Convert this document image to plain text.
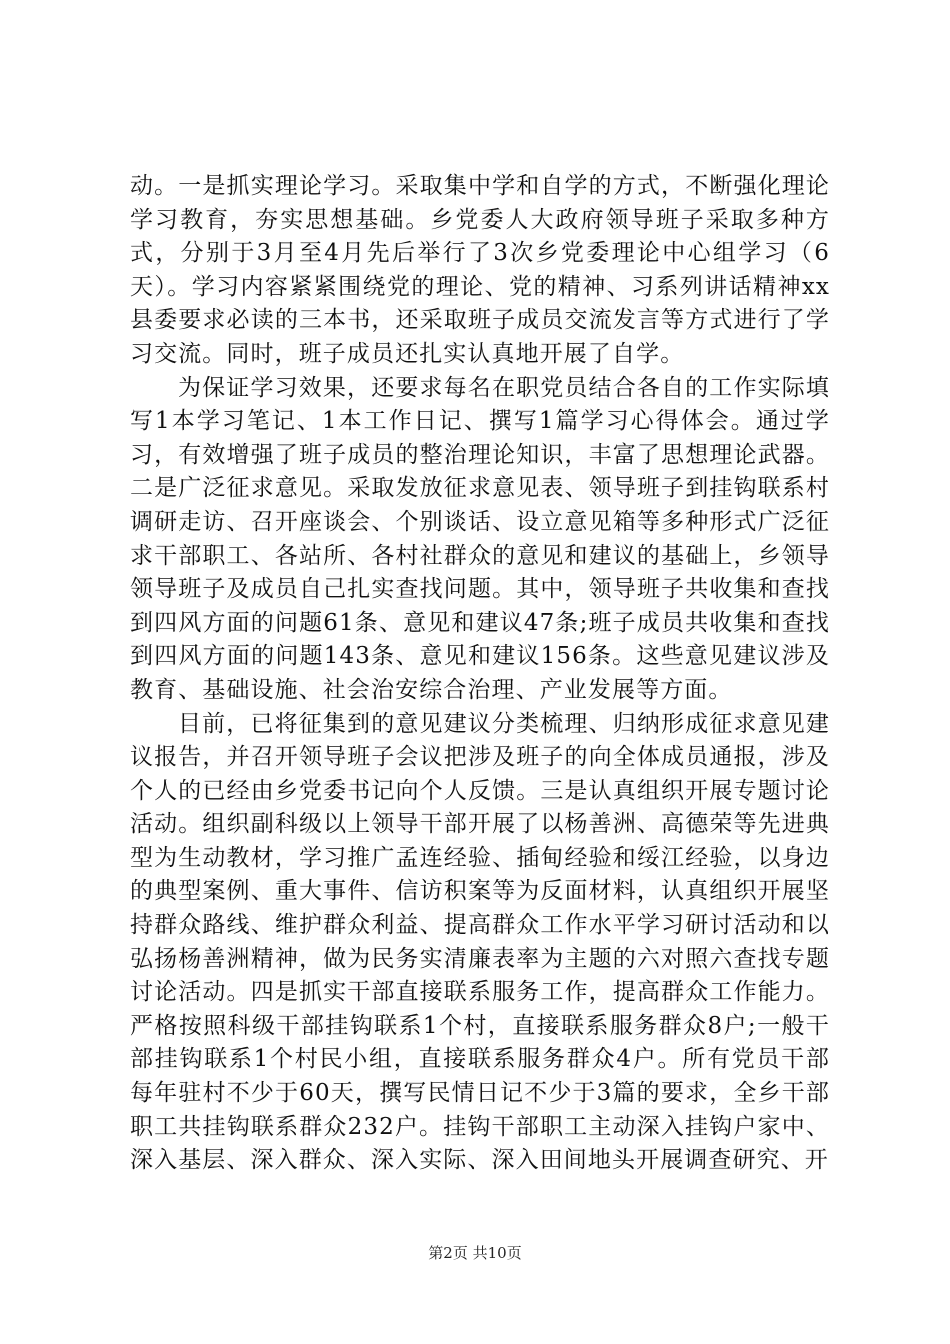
动。一是抓实理论学习。采取集中学和自学的方式，不断强化理论学习教育，夯实思想基础。乡党委人大政府领导班子采取多种方式，分别于3月至4月先后举行了3次乡党委理论中心组学习（6天）。学习内容紧紧围绕党的理论、党的精神、习系列讲话精神xx县委要求必读的三本书，还采取班子成员交流发言等方式进行了学习交流。同时，班子成员还扎实认真地开展了自学。

为保证学习效果，还要求每名在职党员结合各自的工作实际填写1本学习笔记、1本工作日记、撰写1篇学习心得体会。通过学习，有效增强了班子成员的整治理论知识，丰富了思想理论武器。二是广泛征求意见。采取发放征求意见表、领导班子到挂钩联系村调研走访、召开座谈会、个别谈话、设立意见箱等多种形式广泛征求干部职工、各站所、各村社群众的意见和建议的基础上，乡领导领导班子及成员自己扎实查找问题。其中，领导班子共收集和查找到四风方面的问题61条、意见和建议47条;班子成员共收集和查找到四风方面的问题143条、意见和建议156条。这些意见建议涉及教育、基础设施、社会治安综合治理、产业发展等方面。

目前，已将征集到的意见建议分类梳理、归纳形成征求意见建议报告，并召开领导班子会议把涉及班子的向全体成员通报，涉及个人的已经由乡党委书记向个人反馈。三是认真组织开展专题讨论活动。组织副科级以上领导干部开展了以杨善洲、高德荣等先进典型为生动教材，学习推广孟连经验、插甸经验和绥江经验，以身边的典型案例、重大事件、信访积案等为反面材料，认真组织开展坚持群众路线、维护群众利益、提高群众工作水平学习研讨活动和以弘扬杨善洲精神，做为民务实清廉表率为主题的六对照六查找专题讨论活动。四是抓实干部直接联系服务工作，提高群众工作能力。严格按照科级干部挂钩联系1个村，直接联系服务群众8户;一般干部挂钩联系1个村民小组，直接联系服务群众4户。所有党员干部每年驻村不少于60天，撰写民情日记不少于3篇的要求，全乡干部职工共挂钩联系群众232户。挂钩干部职工主动深入挂钩户家中、深入基层、深入群众、深入实际、深入田间地头开展调查研究、开

第2页 共10页
